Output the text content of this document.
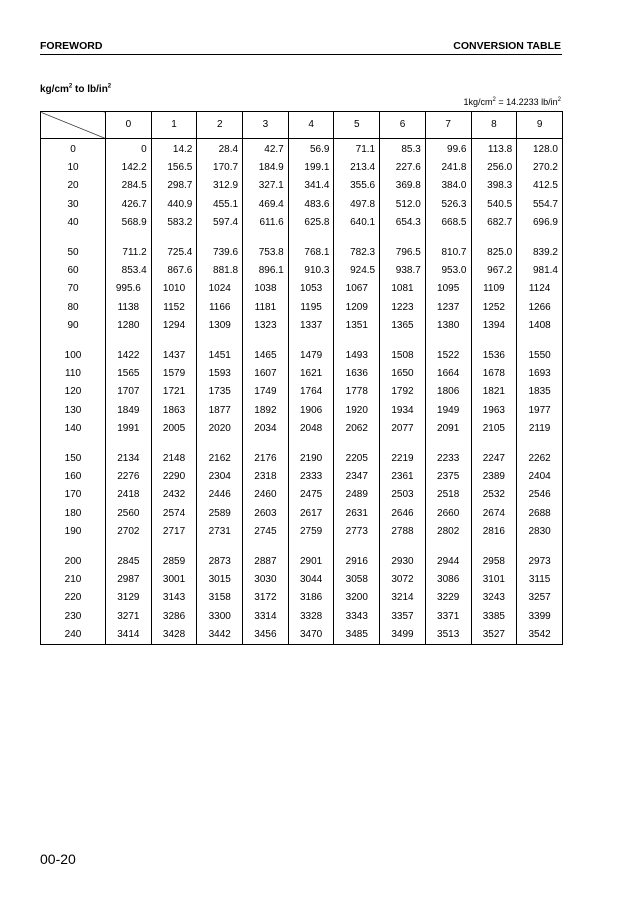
FOREWORD	CONVERSION TABLE
$kg/cm^2$ to $lb/in^2$
$1kg/cm^2 = 14.2233$ $lb/in^2$
	0	1	2	3	4	5	6	7	8	9
0	0	14.2	28.4	42.7	56.9	71.1	85.3	99.6	113.8	128.0
10	142.2	156.5	170.7	184.9	199.1	213.4	227.6	241.8	256.0	270.2
20	284.5	298.7	312.9	327.1	341.4	355.6	369.8	384.0	398.3	412.5
30	426.7	440.9	455.1	469.4	483.6	497.8	512.0	526.3	540.5	554.7
40	568.9	583.2	597.4	611.6	625.8	640.1	654.3	668.5	682.7	696.9

50	711.2	725.4	739.6	753.8	768.1	782.3	796.5	810.7	825.0	839.2
60	853.4	867.6	881.8	896.1	910.3	924.5	938.7	953.0	967.2	981.4
70	995.6	1010	1024	1038	1053	1067	1081	1095	1109	1124
80	1138	1152	1166	1181	1195	1209	1223	1237	1252	1266
90	1280	1294	1309	1323	1337	1351	1365	1380	1394	1408

100	1422	1437	1451	1465	1479	1493	1508	1522	1536	1550
110	1565	1579	1593	1607	1621	1636	1650	1664	1678	1693
120	1707	1721	1735	1749	1764	1778	1792	1806	1821	1835
130	1849	1863	1877	1892	1906	1920	1934	1949	1963	1977
140	1991	2005	2020	2034	2048	2062	2077	2091	2105	2119

150	2134	2148	2162	2176	2190	2205	2219	2233	2247	2262
160	2276	2290	2304	2318	2333	2347	2361	2375	2389	2404
170	2418	2432	2446	2460	2475	2489	2503	2518	2532	2546
180	2560	2574	2589	2603	2617	2631	2646	2660	2674	2688
190	2702	2717	2731	2745	2759	2773	2788	2802	2816	2830

200	2845	2859	2873	2887	2901	2916	2930	2944	2958	2973
210	2987	3001	3015	3030	3044	3058	3072	3086	3101	3115
220	3129	3143	3158	3172	3186	3200	3214	3229	3243	3257
230	3271	3286	3300	3314	3328	3343	3357	3371	3385	3399
240	3414	3428	3442	3456	3470	3485	3499	3513	3527	3542
00-20
